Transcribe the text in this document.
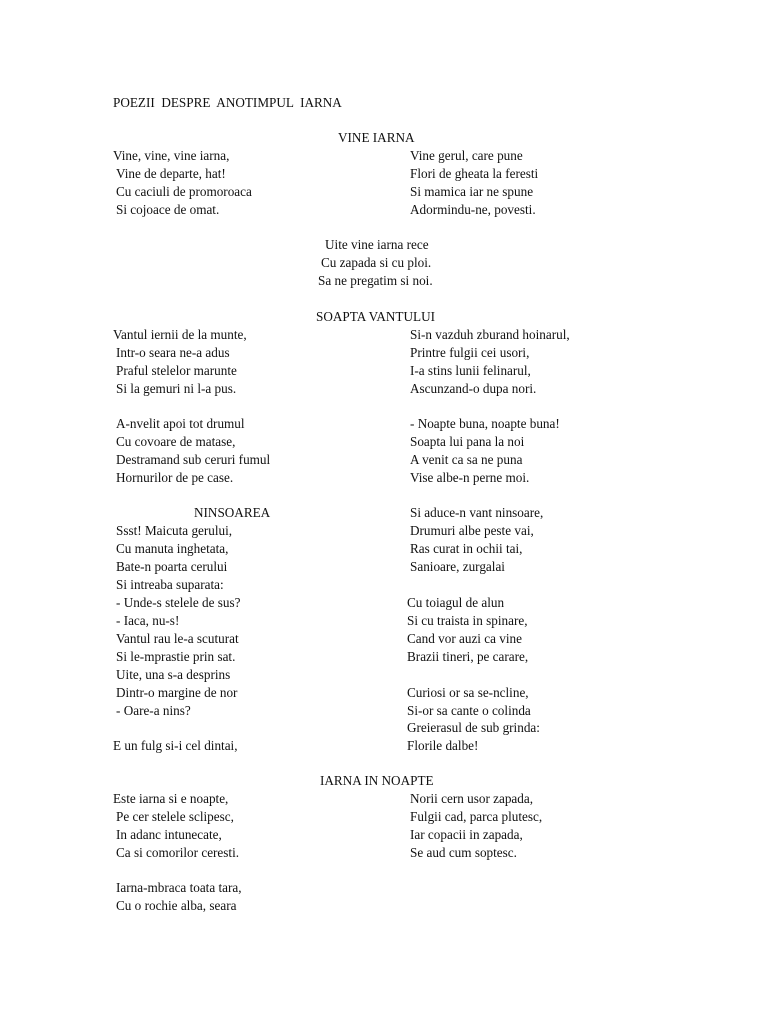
POEZII  DESPRE  ANOTIMPUL  IARNA
VINE IARNA
Vine, vine, vine iarna,
Vine de departe, hat!
Cu caciuli de promoroaca
Si cojoace de omat.
Vine gerul, care pune
Flori de gheata la feresti
Si mamica iar ne spune
Adormindu-ne, povesti.
Uite vine iarna rece
Cu zapada si cu ploi.
Sa ne pregatim si noi.
SOAPTA VANTULUI
Vantul iernii de la munte,
Intr-o seara ne-a adus
Praful stelelor marunte
Si la gemuri ni l-a pus.
A-nvelit apoi tot drumul
Cu covoare de matase,
Destramand sub ceruri fumul
Hornurilor de pe case.
Si-n vazduh zburand hoinarul,
Printre fulgii cei usori,
I-a stins lunii felinarul,
Ascunzand-o dupa nori.
- Noapte buna, noapte buna!
Soapta lui pana la noi
A venit ca sa ne puna
Vise albe-n perne moi.
NINSOAREA
Ssst! Maicuta gerului,
Cu manuta inghetata,
Bate-n poarta cerului
Si intreaba suparata:
- Unde-s stelele de sus?
- Iaca, nu-s!
Vantul rau le-a scuturat
Si le-mprastie prin sat.
Uite, una s-a desprins
Dintr-o margine de nor
- Oare-a nins?
E un fulg si-i cel dintai,
Si aduce-n vant ninsoare,
Drumuri albe peste vai,
Ras curat in ochii tai,
Sanioare, zurgalai
Cu toiagul de alun
Si cu traista in spinare,
Cand vor auzi ca vine
Brazii tineri, pe carare,
Curiosi or sa se-ncline,
Si-or sa cante o colinda
Greierasul de sub grinda:
Florile dalbe!
IARNA IN NOAPTE
Este iarna si e noapte,
Pe cer stelele sclipesc,
In adanc intunecate,
Ca si comorilor ceresti.
Iarna-mbraca toata tara,
Cu o rochie alba, seara
Norii cern usor zapada,
Fulgii cad, parca plutesc,
Iar copacii in zapada,
Se aud cum soptesc.
